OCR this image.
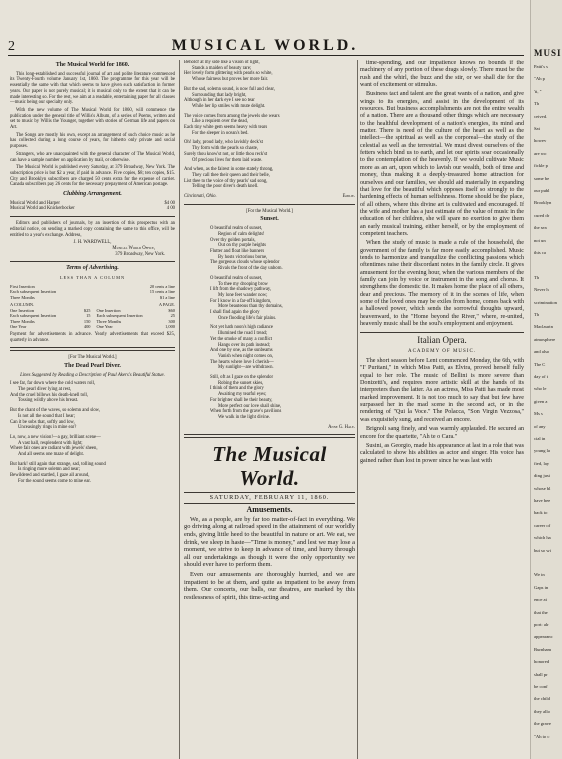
2	MUSICAL WORLD.
The Musical World for 1860.

This long-established and successful journal of art and polite literature commenced its Twenty-Fourth volume January 1st, 1860. The programme for this year will be essentially the same with that which seems to have given such satisfaction in former years. Our paper is not purely musical; it is musical only to the extent that it can be made interesting so. For the rest, we aim at a readable, entertaining paper for all classes—music being our specialty only.

With the new volume of The Musical World for 1860, will commence the publication under the general title of Willis's Album, of a series of Poems, written and set to music by Willis the Younger, together with stories of German life and papers on Art.

The Songs are mostly his own, except an arrangement of such choice music as he has collected during a long course of years, for hitherto only private and social purposes.

Strangers, who are unacquainted with the general character of The Musical World, can have a sample number on application by mail, or otherwise.

The Musical World is published every Saturday, at 379 Broadway, New York. The subscription price is but $2 a year, if paid in advance. Five copies, $8; ten copies, $15. City and Brooklyn subscribers are charged 50 cents extra for the expense of carrier. Canada subscribers pay 26 cents for the necessary prepayment of American postage.

Clubbing Arrangement.
Musical World and Harper	$4 00
Musical World and Knickerbocker	4 00

Editors and publishers of journals, by an insertion of this prospectus with an editorial notice, on sending a marked copy containing the same to this office, will be entitled to a year's exchange. Address,

J. H. WARDWELL,
Musical World Office,
379 Broadway, New York.
Terms of Advertising.
LESS THAN A COLUMN
First Insertion	20 cents a line
Each subsequent Insertion	15 cents a line
Three Months	$1 a line
A COLUMN.	A PAGE.
One Insertion	$25 One Insertion	$60
Each subsequent Insertion	15 Each subsequent Insertion	25
Three Months	150 Three Months	300
One Year	400 One Year	1,000

Payment for advertisements in advance. Yearly advertisements that exceed $25, quarterly in advance.

[For The Musical World.]
The Dead Pearl Diver.
Lines Suggested by Reading a Description of Paul Akers's Beautiful Statue.
I see far, far down where the cold waters roll,
The pearl diver lying at rest,
And the cruel billows his death-knell toll,
Tossing wildly above his breast.
But the chant of the waves, so solemn and slow,
Is not all the sound that I hear;
Can it be sobs that, softly and low,
Unceasingly rings in mine ear?
Lo, now, a new vision!—a gay, brilliant scene—
A vast hall, resplendent with light;
Where fair ones are radiant with jewels' sheen,
And all seems one maze of delight.
But hark! still again that strange, sad, tolling sound
Is ringing more solemn and near;
Bewildered and startled, I gaze all around,
For the sound seems come to mine ear.
Behold! at my side like a vision of light,
Stands a maiden of beauty rare;
Her lovely form glittering with pearls so white,
Whose fairness but proves her more fair.
But the sad, solemn sound, is now full and clear,
Surrounding that lady bright,
Although in her dark eye I see no tear
While her lip smiles with mute delight.
The voice comes from among the jewels she wears
Like a requiem over the dead,
Each tiny white gem seems heavy with tears
For the sleeper in ocean's bed.
Oh! lady, proud lady, who lavishly deck'st
Thy form with the pearls so chaste,
Surely thou know'st not, or little thou reck'st
Of precious lives for them laid waste.
And when, as the fairest in some stately throng,
They call thee their queen and their belle,
List thee to the voice of thy pearls' sad song,
Telling the poor diver's death knell.
Cincinnati, Ohio.	Emilie.
[For the Musical World.]
Sunset.
O beautiful realm of sunset,
Region of calm delights!
Over thy golden portals,
Out on thy purple heights
Flutter and float like banners
By hosts victorious borne,
The gorgeous clouds whose splendor
Rivals the front of the day unborn.
O beautiful realm of sunset,
To thee my drooping brow
I lift from the shadowy pathway,
My lone feet wander now;
For I know in a far-off kingdom,
More beauteous than thy domains,
I shall find again the glory
Once flooding life's fair plains.
Not yet hath noon's high radiance
Illumined the road I tread;
Yet the smoke of many a conflict
Hangs over its path instead;
And one by one, as the sunbeams
Vanish when night comes on,
The hearts where love I cherish—
My sunlight—are withdrawn.
Still, oft as I gaze on the splendor
Robing the sunset skies,
I think of them and the glory
Awaiting my tearful eyes;
For brighter shall be their beauty,
More perfect our love shall shine,
When forth from the grave's pavilions
We walk in the light divine.
Anne G. Hale.
The Musical World.
SATURDAY, FEBRUARY 11, 1860.
Amusements.

We, as a people, are by far too matter-of-fact in everything. We go driving along at railroad speed in the attainment of our worldly ends, giving little heed to the beautiful in nature or art. We eat, we drink, we sleep in haste—"Time is money," and lest we may lose a moment, we strive to keep in advance of time, and hurry through all our undertakings as though it were the only opportunity we should ever have to perform them.

Even our amusements are thoroughly hurried, and we are impatient to be at them, and quite as impatient to be away from them. Our concerts, our balls, our theatres, are marked by this restlessness of spirit, this time-acting and

time-spending, and our impatience knows no bounds if the machinery of any portion of these drags slowly. There must be the rush and the whirl, the buzz and the stir, or we shall die for the want of excitement or stimulus.

Business tact and talent are the great wants of a nation, and give wings to its energies, and assist in the development of its resources. But business accomplishments are not the entire wealth of a nation. There are a thousand other things which are necessary to the healthful development of a nation's energies, its mind and matter. There is need of the culture of the heart as well as the intellect—the spiritual as well as the corporeal—the study of the celestial as well as the terrestrial. We must divest ourselves of the fetters which bind us to earth, and let our spirits soar occasionally to the contemplation of the heavenly. If we would cultivate Music more as an art, upon which to lavish our wealth, both of time and money, thus making it a deeply-treasured home attraction for ourselves and our families, we should aid materially in expanding that love for the beautiful which opposes itself so strongly to the hardening effects of human selfishness. Home should be the place, of all others, where this divine art is cultivated and encouraged. If the wife and mother has a just estimate of the value of music in the education of her children, she will spare no exertion to give them an early musical training, either herself, or by the employment of competent teachers.

When the study of music is made a rule of the household, the government of the family is far more easily accomplished. Music tends to harmonize and tranquilize the conflicting passions which oftentimes raise their discordant notes in the family circle. It gives amusement for the evening hour, when the various members of the family can join by voice or instrument in the song and chorus. It strengthens the domestic tie. It makes home the place of all others, dear and precious. The memory of it in the scenes of life, when some of the loved ones may be exiles from home, comes back with a hallowed power, which sends the sorrowful thoughts upward, heavenward, to the "Home beyond the River," where, re-united, heavenly music shall be the soul's employment and enjoyment.

Italian Opera.
ACADEMY OF MUSIC.

The short season before Lent commenced Monday, the 6th, with "I' Puritani," in which Miss Patti, as Elvira, proved herself fully equal to her role. The music of Bellini is more severe than Donizetti's, and requires more artistic skill at the hands of its interpreters than the latter. As an actress, Miss Patti has made most marked improvement. It is not too much to say that but few have surpassed her in the mad scene in the second act, or in the rendering of "Qui la Voce." The Polacca, "Son Virgin Vezzosa," was exquisitely sung, and received an encore.

Brignoli sang finely, and was warmly applauded. He secured an encore for the quartette, "Ah te o Cara."

Susini, as Georgio, made his appearance at last in a role that was calculated to show his abilities as actor and singer. His voice has gained rather than lost in power since he was last with

MUSI
Patti's s
"Ah p
'ti, "
Th
ceived.
Sat
howev
are wo
fickle p
some be
our publ
Brooklyn
cured dr
the sea
not un
this ca
Th
Never h
scrimination
Th
Maclaurin
atmosphere
and also
The C
day of t
who le
given a
Ms s
of any
cial in
young la
fied, lay
ding just
whose bl
have bee
back to
career of
which ha
but so wi
We in
Gaps in
ence at
that the
port: alr
appearanc
Burnham
honored
shall pr
be conf
the child
they allo
the grave
"Ah to c
